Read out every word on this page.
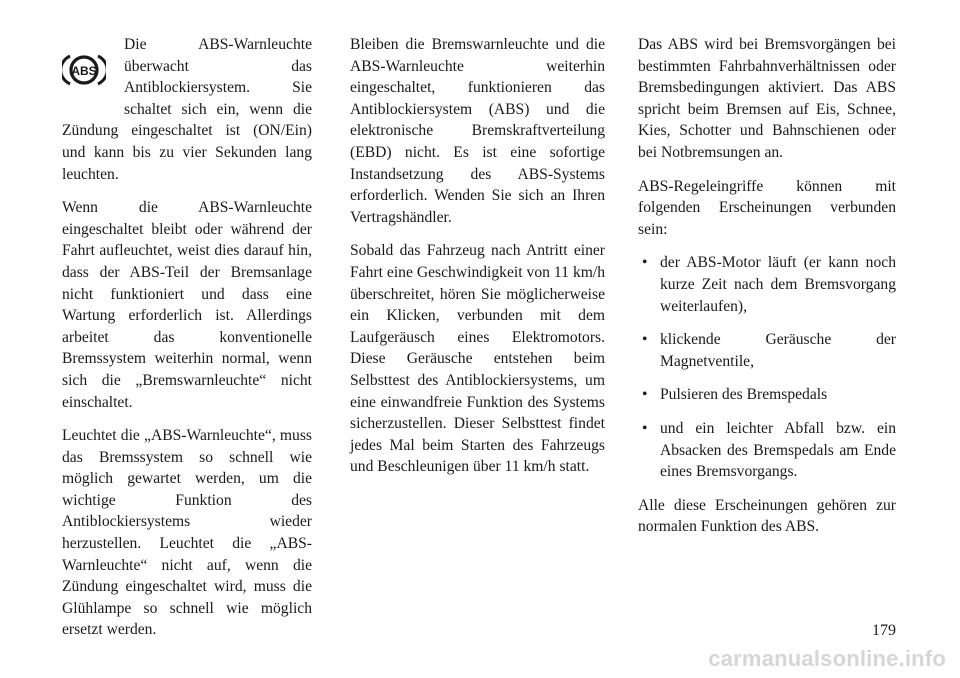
ABS

Die ABS-Warnleuchte überwacht das Antiblockiersystem. Sie schaltet sich ein, wenn die Zündung eingeschaltet ist (ON/Ein) und kann bis zu vier Sekunden lang leuchten.

Wenn die ABS-Warnleuchte eingeschaltet bleibt oder während der Fahrt aufleuchtet, weist dies darauf hin, dass der ABS-Teil der Bremsanlage nicht funktioniert und dass eine Wartung erforderlich ist. Allerdings arbeitet das konventionelle Bremssystem weiterhin normal, wenn sich die „Bremswarnleuchte“ nicht einschaltet.

Leuchtet die „ABS-Warnleuchte“, muss das Bremssystem so schnell wie möglich gewartet werden, um die wichtige Funktion des Antiblockiersystems wieder herzustellen. Leuchtet die „ABS-Warnleuchte“ nicht auf, wenn die Zündung eingeschaltet wird, muss die Glühlampe so schnell wie möglich ersetzt werden.

Bleiben die Bremswarnleuchte und die ABS-Warnleuchte weiterhin eingeschaltet, funktionieren das Antiblockiersystem (ABS) und die elektronische Bremskraftverteilung (EBD) nicht. Es ist eine sofortige Instandsetzung des ABS-Systems erforderlich. Wenden Sie sich an Ihren Vertragshändler.

Sobald das Fahrzeug nach Antritt einer Fahrt eine Geschwindigkeit von 11 km/h überschreitet, hören Sie möglicherweise ein Klicken, verbunden mit dem Laufgeräusch eines Elektromotors. Diese Geräusche entstehen beim Selbsttest des Antiblockiersystems, um eine einwandfreie Funktion des Systems sicherzustellen. Dieser Selbsttest findet jedes Mal beim Starten des Fahrzeugs und Beschleunigen über 11 km/h statt.

Das ABS wird bei Bremsvorgängen bei bestimmten Fahrbahnverhältnissen oder Bremsbedingungen aktiviert. Das ABS spricht beim Bremsen auf Eis, Schnee, Kies, Schotter und Bahnschienen oder bei Notbremsungen an.

ABS-Regeleingriffe können mit folgenden Erscheinungen verbunden sein:

• der ABS-Motor läuft (er kann noch kurze Zeit nach dem Bremsvorgang weiterlaufen),
• klickende Geräusche der Magnetventile,
• Pulsieren des Bremspedals
• und ein leichter Abfall bzw. ein Absacken des Bremspedals am Ende eines Bremsvorgangs.

Alle diese Erscheinungen gehören zur normalen Funktion des ABS.

179
carmanualsonline.info
